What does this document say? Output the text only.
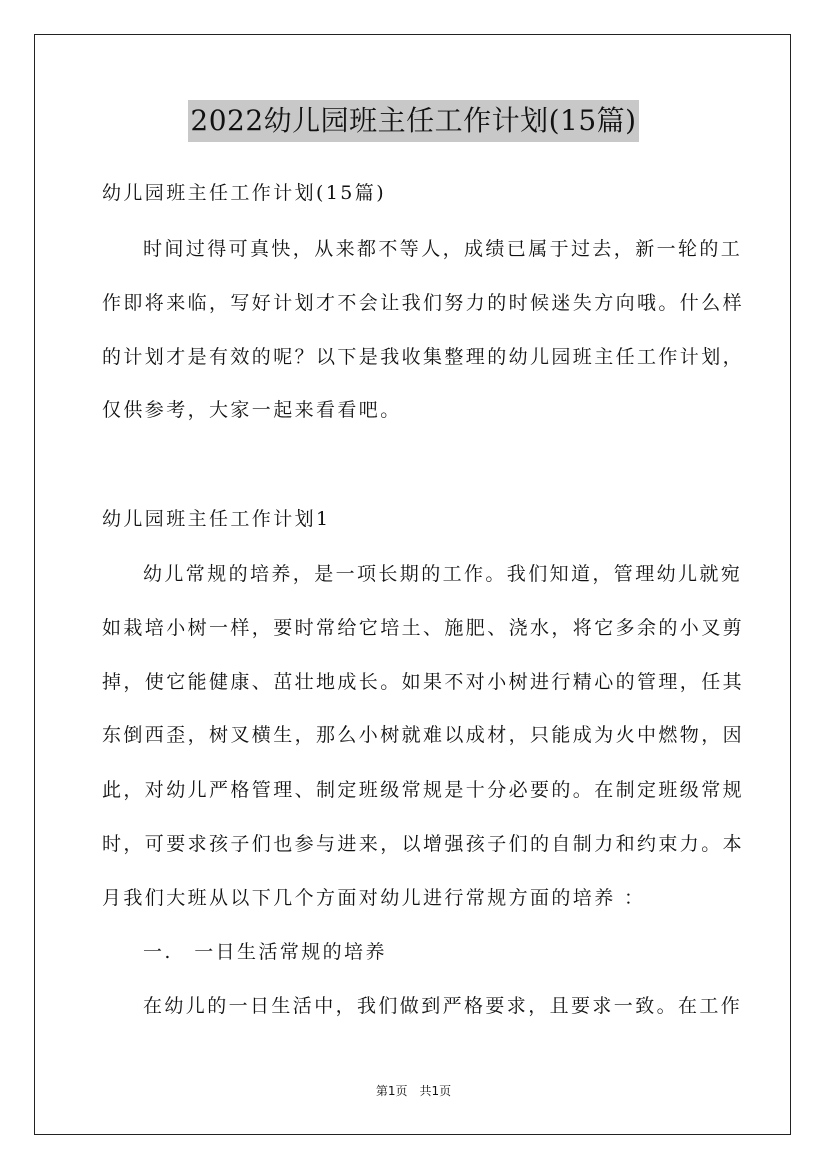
2022幼儿园班主任工作计划(15篇)
幼儿园班主任工作计划(15篇)
时间过得可真快，从来都不等人，成绩已属于过去，新一轮的工
作即将来临，写好计划才不会让我们努力的时候迷失方向哦。什么样
的计划才是有效的呢？以下是我收集整理的幼儿园班主任工作计划，
仅供参考，大家一起来看看吧。
幼儿园班主任工作计划1
幼儿常规的培养，是一项长期的工作。我们知道，管理幼儿就宛
如栽培小树一样，要时常给它培土、施肥、浇水，将它多余的小叉剪
掉，使它能健康、茁壮地成长。如果不对小树进行精心的管理，任其
东倒西歪，树叉横生，那么小树就难以成材，只能成为火中燃物，因
此，对幼儿严格管理、制定班级常规是十分必要的。在制定班级常规
时，可要求孩子们也参与进来，以增强孩子们的自制力和约束力。本
月我们大班从以下几个方面对幼儿进行常规方面的培养 ：
一.　一日生活常规的培养
在幼儿的一日生活中，我们做到严格要求，且要求一致。在工作
第1页　共1页
